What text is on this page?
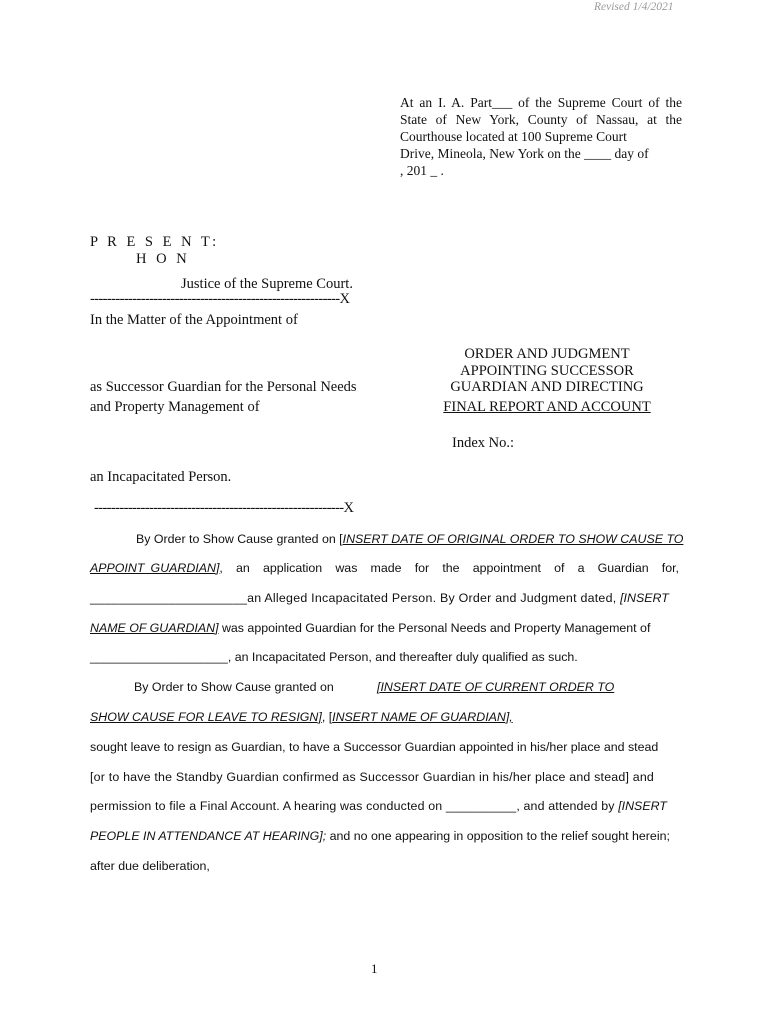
Revised 1/4/2021
At an I. A. Part___ of the Supreme Court of the
State of New York, County of Nassau, at the
Courthouse located at 100 Supreme Court
Drive, Mineola, New York on the ____ day of
, 201 _ .
P R E S E N T:
H O N
Justice of the Supreme Court.
-----------------------------------------------------------X
In the Matter of the Appointment of
ORDER AND JUDGMENT
APPOINTING SUCCESSOR
GUARDIAN AND DIRECTING
FINAL REPORT AND ACCOUNT
as Successor Guardian for the Personal Needs
and Property Management of
Index No.:
an Incapacitated Person.
-----------------------------------------------------------X
By Order to Show Cause granted on [INSERT DATE OF ORIGINAL ORDER TO SHOW CAUSE TO
APPOINT GUARDIAN], an application was made for the appointment of a Guardian for,
______________________an Alleged Incapacitated Person. By Order and Judgment dated, [INSERT
NAME OF GUARDIAN] was appointed Guardian for the Personal Needs and Property Management of
____________________, an Incapacitated Person, and thereafter duly qualified as such.
By Order to Show Cause granted on	[INSERT DATE OF CURRENT ORDER TO
SHOW CAUSE FOR LEAVE TO RESIGN], [INSERT NAME OF GUARDIAN],
sought leave to resign as Guardian, to have a Successor Guardian appointed in his/her place and stead
[or to have the Standby Guardian confirmed as Successor Guardian in his/her place and stead] and
permission to file a Final Account. A hearing was conducted on __________, and attended by [INSERT
PEOPLE IN ATTENDANCE AT HEARING]; and no one appearing in opposition to the relief sought herein;
after due deliberation,
1
